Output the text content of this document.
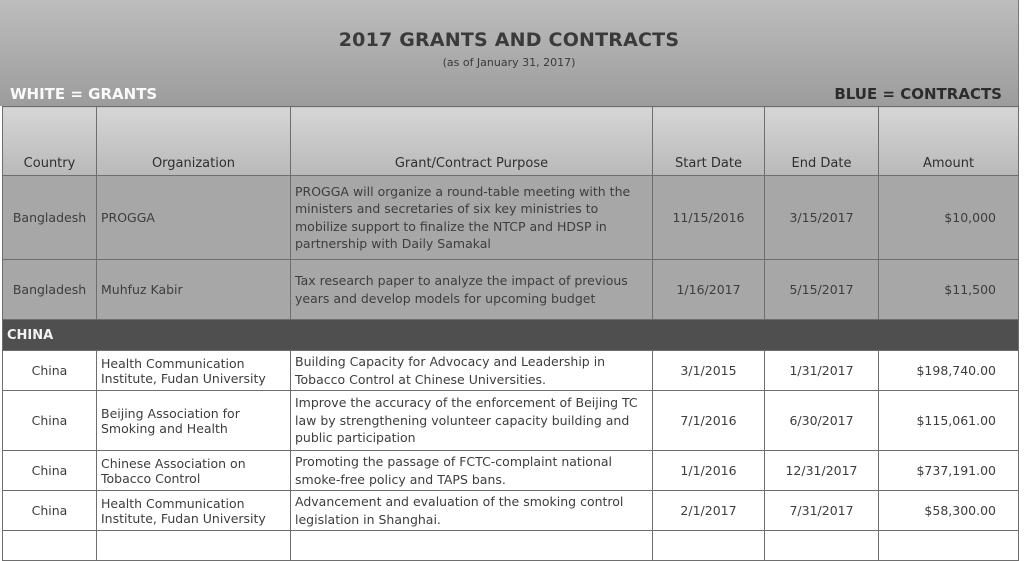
2017 GRANTS AND CONTRACTS
(as of January 31, 2017)
WHITE = GRANTS	BLUE = CONTRACTS
Country	Organization	Grant/Contract Purpose	Start Date	End Date	Amount
Bangladesh	PROGGA	PROGGA will organize a round-table meeting with the ministers and secretaries of six key ministries to mobilize support to finalize the NTCP and HDSP in partnership with Daily Samakal	11/15/2016	3/15/2017	$10,000
Bangladesh	Muhfuz Kabir	Tax research paper to analyze the impact of previous years and develop models for upcoming budget	1/16/2017	5/15/2017	$11,500
CHINA					
China	Health Communication Institute, Fudan University	Building Capacity for Advocacy and Leadership in Tobacco Control at Chinese Universities.	3/1/2015	1/31/2017	$198,740.00
China	Beijing Association for Smoking and Health	Improve the accuracy of the enforcement of Beijing TC law by strengthening volunteer capacity building and public participation	7/1/2016	6/30/2017	$115,061.00
China	Chinese Association on Tobacco Control	Promoting the passage of FCTC-complaint national smoke-free policy and TAPS bans.	1/1/2016	12/31/2017	$737,191.00
China	Health Communication Institute, Fudan University	Advancement and evaluation of the smoking control legislation in Shanghai.	2/1/2017	7/31/2017	$58,300.00
